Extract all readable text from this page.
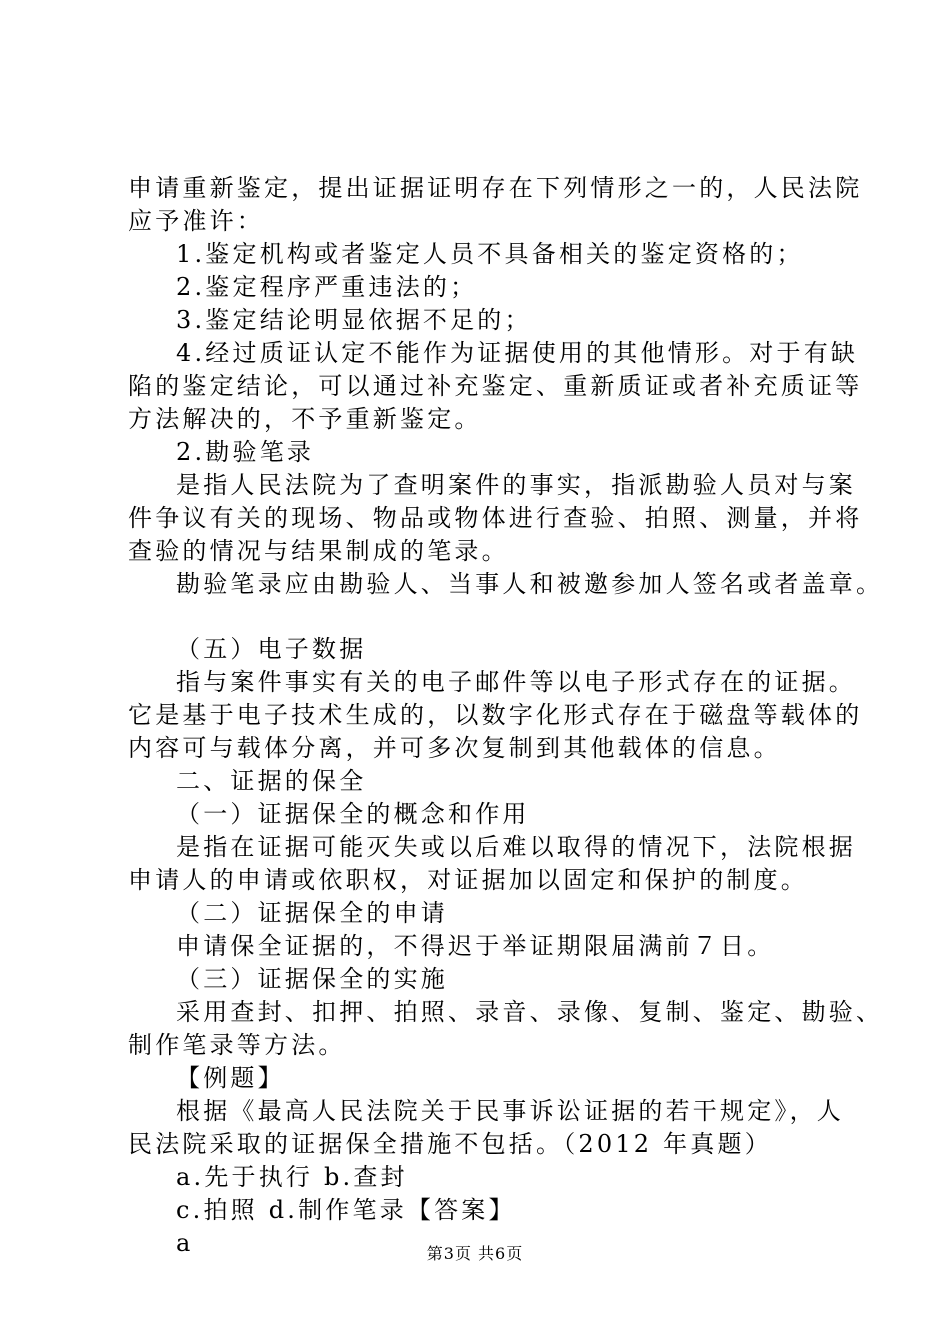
申请重新鉴定，提出证据证明存在下列情形之一的，人民法院
应予准许：
1.鉴定机构或者鉴定人员不具备相关的鉴定资格的；
2.鉴定程序严重违法的；
3.鉴定结论明显依据不足的；
4.经过质证认定不能作为证据使用的其他情形。对于有缺
陷的鉴定结论，可以通过补充鉴定、重新质证或者补充质证等
方法解决的，不予重新鉴定。
2.勘验笔录
是指人民法院为了查明案件的事实，指派勘验人员对与案
件争议有关的现场、物品或物体进行查验、拍照、测量，并将
查验的情况与结果制成的笔录。
勘验笔录应由勘验人、当事人和被邀参加人签名或者盖章。
（五）电子数据
指与案件事实有关的电子邮件等以电子形式存在的证据。
它是基于电子技术生成的，以数字化形式存在于磁盘等载体的
内容可与载体分离，并可多次复制到其他载体的信息。
二、证据的保全
（一）证据保全的概念和作用
是指在证据可能灭失或以后难以取得的情况下，法院根据
申请人的申请或依职权，对证据加以固定和保护的制度。
（二）证据保全的申请
申请保全证据的，不得迟于举证期限届满前７日。
（三）证据保全的实施
采用查封、扣押、拍照、录音、录像、复制、鉴定、勘验、
制作笔录等方法。
【例题】
根据《最高人民法院关于民事诉讼证据的若干规定》，人
民法院采取的证据保全措施不包括。（2012 年真题）
a.先于执行 b.查封
c.拍照 d.制作笔录【答案】
a	第3页 共6页
